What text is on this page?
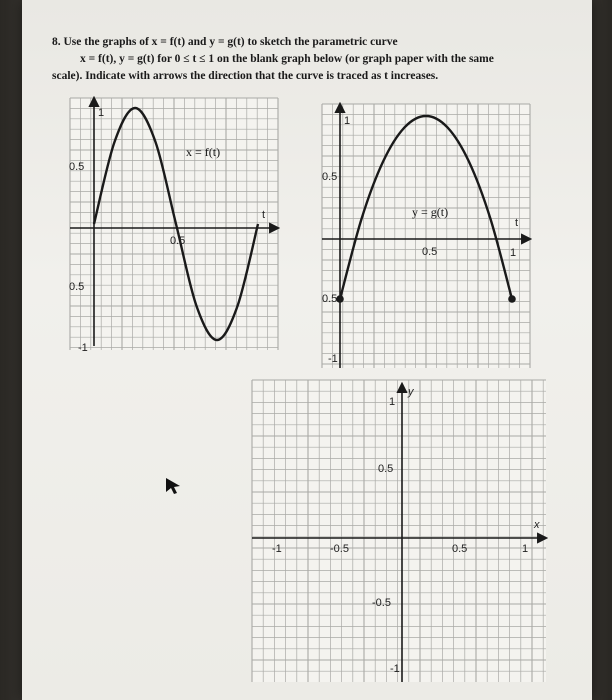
8. Use the graphs of x = f(t) and y = g(t) to sketch the parametric curve
x = f(t), y = g(t) for 0 ≤ t ≤ 1 on the blank graph below (or graph paper with the same
scale). Indicate with arrows the direction that the curve is traced as t increases.
1
0.5
0.5
-1
0.5
t
x = f(t)
1
0.5
0.5
-1
0.5	1
t
y = g(t)
1
y
0.5
-0.5
-1
-1	-0.5	0.5	1
x
